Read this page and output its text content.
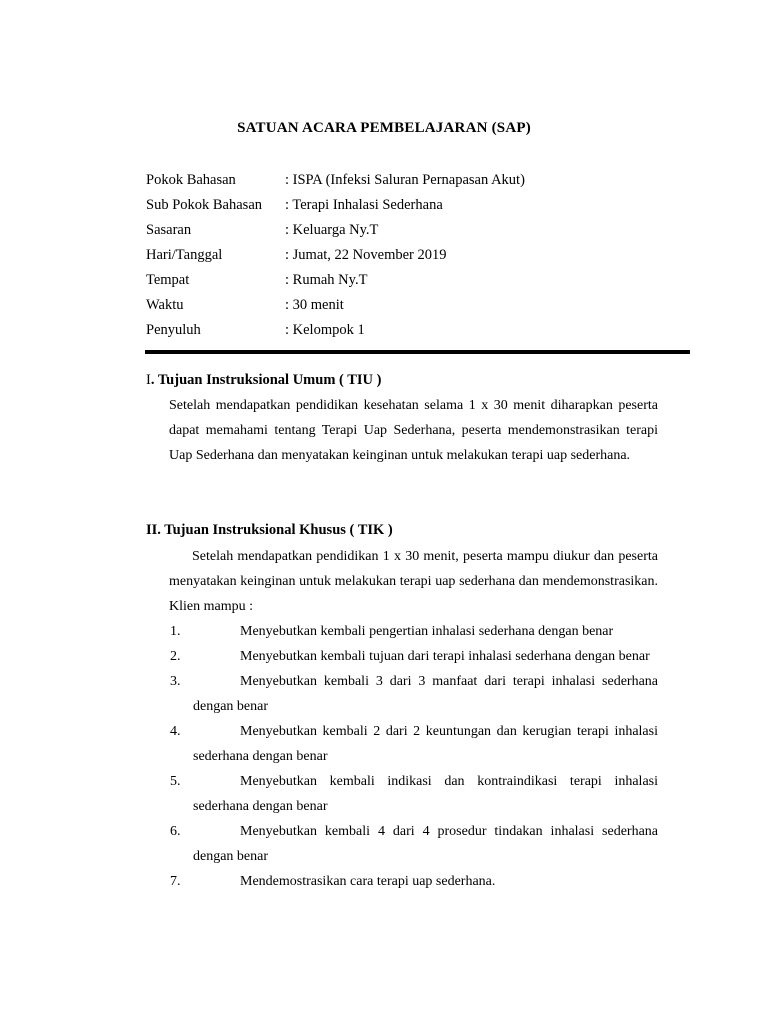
SATUAN ACARA PEMBELAJARAN (SAP)
Pokok Bahasan	: ISPA (Infeksi Saluran Pernapasan Akut)
Sub Pokok Bahasan	: Terapi Inhalasi Sederhana
Sasaran	: Keluarga Ny.T
Hari/Tanggal	: Jumat, 22 November 2019
Tempat	: Rumah Ny.T
Waktu	: 30 menit
Penyuluh	: Kelompok 1
I. Tujuan Instruksional Umum ( TIU )
Setelah mendapatkan pendidikan kesehatan selama 1 x 30 menit diharapkan peserta dapat memahami tentang Terapi Uap Sederhana, peserta mendemonstrasikan terapi Uap Sederhana dan menyatakan keinginan untuk melakukan terapi uap sederhana.
II. Tujuan Instruksional Khusus ( TIK )
Setelah mendapatkan pendidikan 1 x 30 menit, peserta mampu diukur dan peserta menyatakan keinginan untuk melakukan terapi uap sederhana dan mendemonstrasikan. Klien mampu :
1.	Menyebutkan kembali pengertian inhalasi sederhana dengan benar
2.	Menyebutkan kembali tujuan dari terapi inhalasi sederhana dengan benar
3.	Menyebutkan kembali 3 dari 3 manfaat dari terapi inhalasi sederhana dengan benar
4.	Menyebutkan kembali 2 dari 2 keuntungan dan kerugian terapi inhalasi sederhana dengan benar
5.	Menyebutkan kembali indikasi dan kontraindikasi terapi inhalasi sederhana dengan benar
6.	Menyebutkan kembali 4 dari 4 prosedur tindakan inhalasi sederhana dengan benar
7.	Mendemostrasikan cara terapi uap sederhana.
